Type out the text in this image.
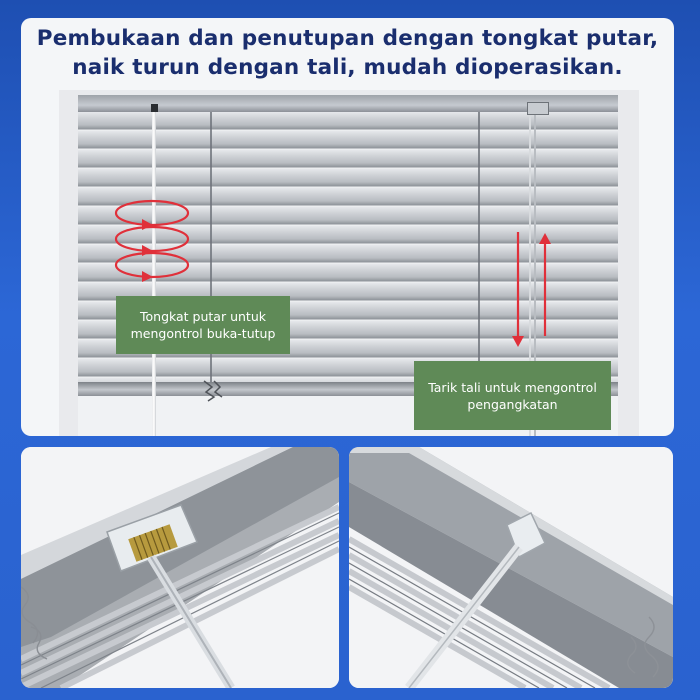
Pembukaan dan penutupan dengan tongkat putar,
naik turun dengan tali, mudah dioperasikan.
Tongkat putar untuk
mengontrol buka-tutup
Tarik tali untuk mengontrol
pengangkatan
